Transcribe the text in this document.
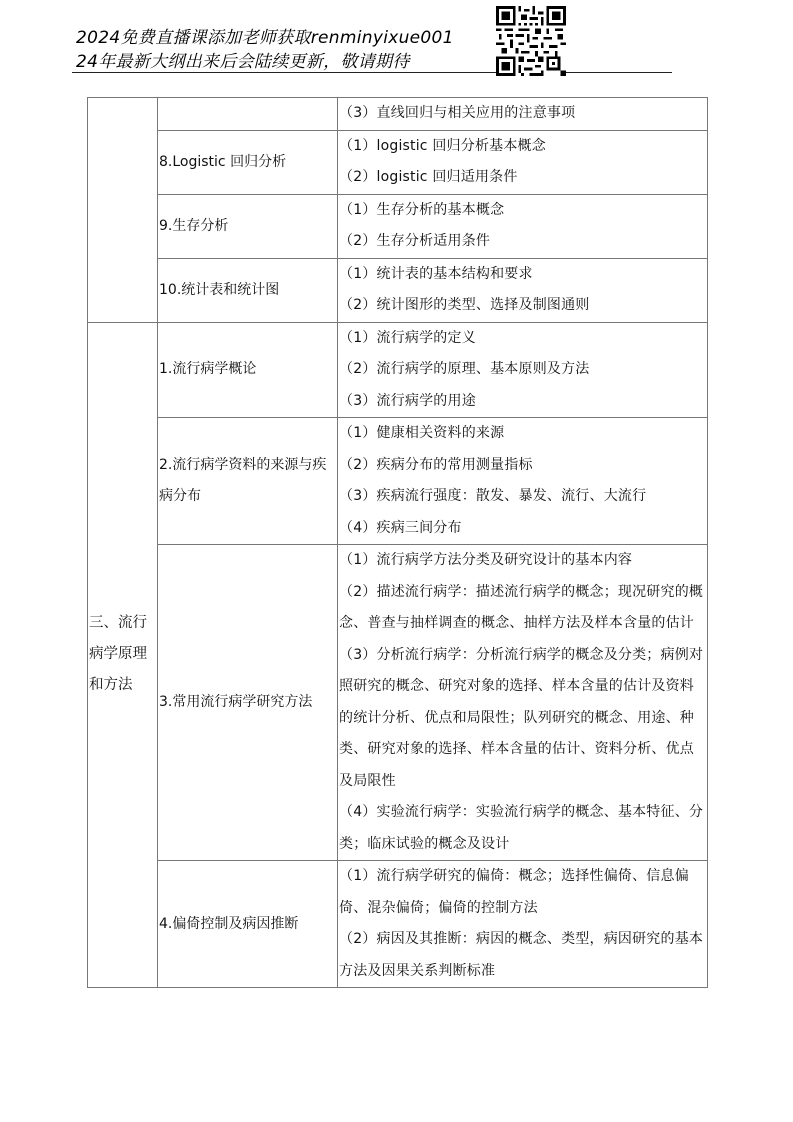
2024免费直播课添加老师获取renminyixue001
24年最新大纲出来后会陆续更新，敬请期待

		（3）直线回归与相关应用的注意事项

	8.Logistic 回归分析	（1）logistic 回归分析基本概念
（2）logistic 回归适用条件

	9.生存分析	（1）生存分析的基本概念
（2）生存分析适用条件

	10.统计表和统计图	（1）统计表的基本结构和要求
（2）统计图形的类型、选择及制图通则

三、流行病学原理和方法	1.流行病学概论	（1）流行病学的定义
（2）流行病学的原理、基本原则及方法
（3）流行病学的用途

	2.流行病学资料的来源与疾病分布	（1）健康相关资料的来源
（2）疾病分布的常用测量指标
（3）疾病流行强度：散发、暴发、流行、大流行
（4）疾病三间分布

	3.常用流行病学研究方法	（1）流行病学方法分类及研究设计的基本内容
（2）描述流行病学：描述流行病学的概念；现况研究的概念、普查与抽样调查的概念、抽样方法及样本含量的估计
（3）分析流行病学：分析流行病学的概念及分类；病例对照研究的概念、研究对象的选择、样本含量的估计及资料的统计分析、优点和局限性；队列研究的概念、用途、种类、研究对象的选择、样本含量的估计、资料分析、优点及局限性
（4）实验流行病学：实验流行病学的概念、基本特征、分类；临床试验的概念及设计

	4.偏倚控制及病因推断	（1）流行病学研究的偏倚：概念；选择性偏倚、信息偏倚、混杂偏倚；偏倚的控制方法
（2）病因及其推断：病因的概念、类型，病因研究的基本方法及因果关系判断标准
